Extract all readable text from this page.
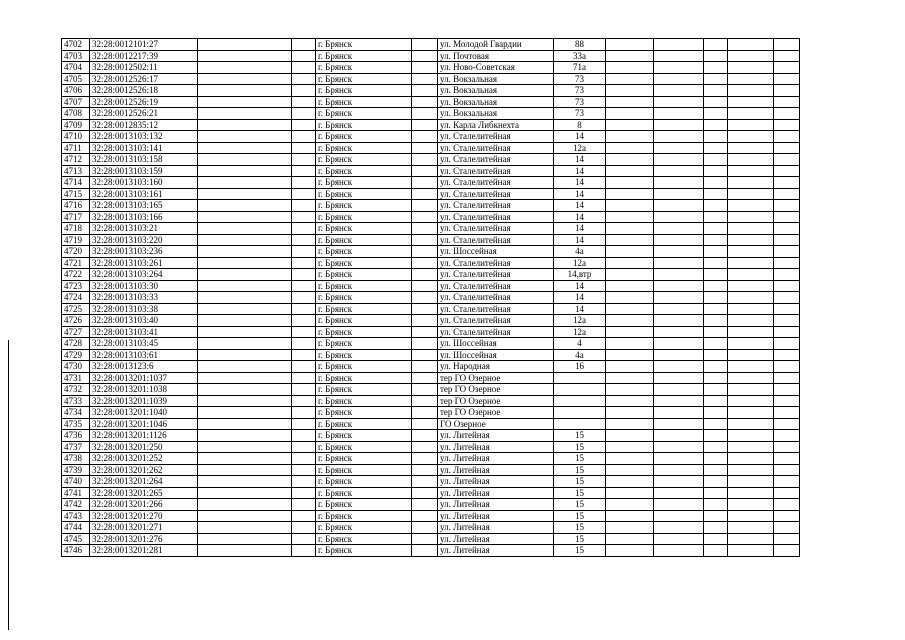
4702	32:28:0012101:27			г. Брянск		ул. Молодой Гвардии	88					
4703	32:28:0012217:39			г. Брянск		ул. Почтовая	33а					
4704	32:28:0012502:11			г. Брянск		ул. Ново-Советская	71а					
4705	32:28:0012526:17			г. Брянск		ул. Вокзальная	73					
4706	32:28:0012526:18			г. Брянск		ул. Вокзальная	73					
4707	32:28:0012526:19			г. Брянск		ул. Вокзальная	73					
4708	32:28:0012526:21			г. Брянск		ул. Вокзальная	73					
4709	32:28:0012835:12			г. Брянск		ул. Карла Либкнехта	8					
4710	32:28:0013103:132			г. Брянск		ул. Сталелитейная	14					
4711	32:28:0013103:141			г. Брянск		ул. Сталелитейная	12а					
4712	32:28:0013103:158			г. Брянск		ул. Сталелитейная	14					
4713	32:28:0013103:159			г. Брянск		ул. Сталелитейная	14					
4714	32:28:0013103:160			г. Брянск		ул. Сталелитейная	14					
4715	32:28:0013103:161			г. Брянск		ул. Сталелитейная	14					
4716	32:28:0013103:165			г. Брянск		ул. Сталелитейная	14					
4717	32:28:0013103:166			г. Брянск		ул. Сталелитейная	14					
4718	32:28:0013103:21			г. Брянск		ул. Сталелитейная	14					
4719	32:28:0013103:220			г. Брянск		ул. Сталелитейная	14					
4720	32:28:0013103:236			г. Брянск		ул. Шоссейная	4а					
4721	32:28:0013103:261			г. Брянск		ул. Сталелитейная	12а					
4722	32:28:0013103:264			г. Брянск		ул. Сталелитейная	14,втр					
4723	32:28:0013103:30			г. Брянск		ул. Сталелитейная	14					
4724	32:28:0013103:33			г. Брянск		ул. Сталелитейная	14					
4725	32:28:0013103:38			г. Брянск		ул. Сталелитейная	14					
4726	32:28:0013103:40			г. Брянск		ул. Сталелитейная	12а					
4727	32:28:0013103:41			г. Брянск		ул. Сталелитейная	12а					
4728	32:28:0013103:45			г. Брянск		ул. Шоссейная	4					
4729	32:28:0013103:61			г. Брянск		ул. Шоссейная	4а					
4730	32:28:0013123:6			г. Брянск		ул. Народная	16					
4731	32:28:0013201:1037			г. Брянск		тер ГО Озерное						
4732	32:28:0013201:1038			г. Брянск		тер ГО Озерное						
4733	32:28:0013201:1039			г. Брянск		тер ГО Озерное						
4734	32:28:0013201:1040			г. Брянск		тер ГО Озерное						
4735	32:28:0013201:1046			г. Брянск		ГО Озерное						
4736	32:28:0013201:1126			г. Брянск		ул. Литейная	15					
4737	32:28:0013201:250			г. Брянск		ул. Литейная	15					
4738	32:28:0013201:252			г. Брянск		ул. Литейная	15					
4739	32:28:0013201:262			г. Брянск		ул. Литейная	15					
4740	32:28:0013201:264			г. Брянск		ул. Литейная	15					
4741	32:28:0013201:265			г. Брянск		ул. Литейная	15					
4742	32:28:0013201:266			г. Брянск		ул. Литейная	15					
4743	32:28:0013201:270			г. Брянск		ул. Литейная	15					
4744	32:28:0013201:271			г. Брянск		ул. Литейная	15					
4745	32:28:0013201:276			г. Брянск		ул. Литейная	15					
4746	32:28:0013201:281			г. Брянск		ул. Литейная	15					
